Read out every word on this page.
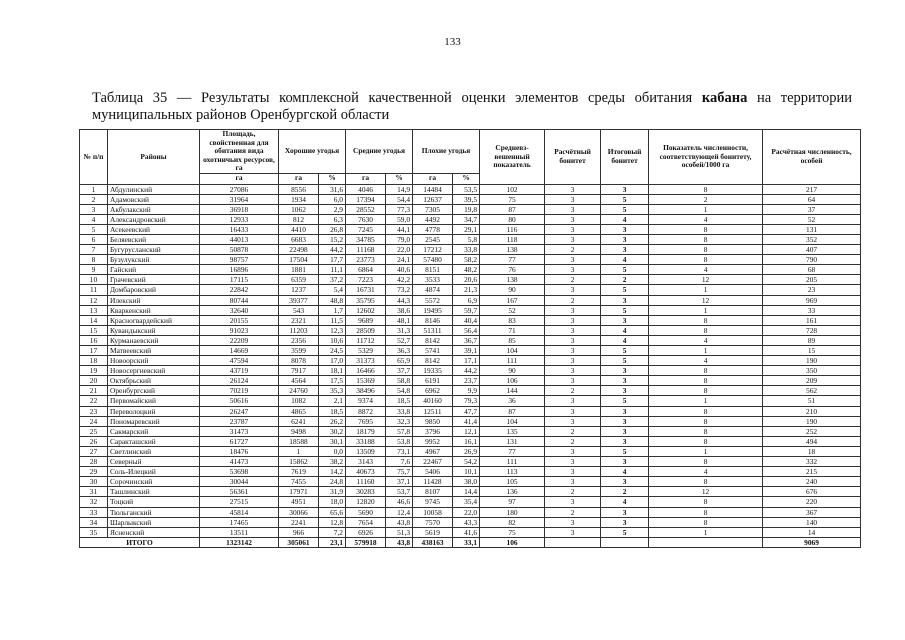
133
Таблица 35 — Результаты комплексной качественной оценки элементов среды обитания кабана на территории муниципальных районов Оренбургской области
№ п/п	Районы	Площадь, свойственная для обитания вида охотничьих ресурсов, га	Хорошие угодья		Средние угодья		Плохие угодья		Средневз-вешенный показатель	Расчётный бонитет	Итоговый бонитет	Показатель численности, соответствующей бонитету, особей/1000 га	Расчётная численность, особей
		га	га	%	га	%	га	%					
1	Абдулинский	27086	8556	31,6	4046	14,9	14484	53,5	102	3	3	8	217
2	Адамовский	31964	1934	6,0	17394	54,4	12637	39,5	75	3	5	2	64
3	Акбулакский	36918	1062	2,9	28552	77,3	7305	19,8	87	3	5	1	37
4	Александровский	12933	812	6,3	7630	59,0	4492	34,7	80	3	4	4	52
5	Асекеевский	16433	4410	26,8	7245	44,1	4778	29,1	116	3	3	8	131
6	Беляевский	44013	6683	15,2	34785	79,0	2545	5,8	118	3	3	8	352
7	Бугурусланский	50878	22498	44,2	11168	22,0	17212	33,8	138	2	3	8	407
8	Бузулукский	98757	17504	17,7	23773	24,1	57480	58,2	77	3	4	8	790
9	Гайский	16896	1881	11,1	6864	40,6	8151	48,2	76	3	5	4	68
10	Грачевский	17115	6359	37,2	7223	42,2	3533	20,6	138	2	2	12	205
11	Домбаровский	22842	1237	5,4	16731	73,2	4874	21,3	90	3	5	1	23
12	Илекский	80744	39377	48,8	35795	44,3	5572	6,9	167	2	3	12	969
13	Кваркенский	32640	543	1,7	12602	38,6	19495	59,7	52	3	5	1	33
14	Красногвардейский	20155	2321	11,5	9689	48,1	8146	40,4	83	3	3	8	161
15	Кувандыкский	91023	11203	12,3	28509	31,3	51311	56,4	71	3	4	8	728
16	Курманаевский	22209	2356	10,6	11712	52,7	8142	36,7	85	3	4	4	89
17	Матвеевский	14669	3599	24,5	5329	36,3	5741	39,1	104	3	5	1	15
18	Новоорский	47594	8078	17,0	31373	65,9	8142	17,1	111	3	5	4	190
19	Новосергиевский	43719	7917	18,1	16466	37,7	19335	44,2	90	3	3	8	350
20	Октябрьский	26124	4564	17,5	15369	58,8	6191	23,7	106	3	3	8	209
21	Оренбургский	70219	24760	35,3	38496	54,8	6962	9,9	144	2	3	8	562
22	Первомайский	50616	1082	2,1	9374	18,5	40160	79,3	36	3	5	1	51
23	Переволоцкий	26247	4865	18,5	8872	33,8	12511	47,7	87	3	3	8	210
24	Пономаревский	23787	6241	26,2	7695	32,3	9850	41,4	104	3	3	8	190
25	Сакмарский	31473	9498	30,2	18179	57,8	3796	12,1	135	2	3	8	252
26	Саракташский	61727	18588	30,1	33188	53,8	9952	16,1	131	2	3	8	494
27	Светлинский	18476	1	0,0	13509	73,1	4967	26,9	77	3	5	1	18
28	Северный	41473	15862	38,2	3143	7,6	22467	54,2	111	3	3	8	332
29	Соль-Илецкий	53698	7619	14,2	40673	75,7	5406	10,1	113	3	4	4	215
30	Сорочинский	30044	7455	24,8	11160	37,1	11428	38,0	105	3	3	8	240
31	Ташлинский	56361	17971	31,9	30283	53,7	8107	14,4	136	2	2	12	676
32	Тоцкий	27515	4951	18,0	12820	46,6	9745	35,4	97	3	4	8	220
33	Тюльганский	45814	30066	65,6	5690	12,4	10058	22,0	180	2	3	8	367
34	Шарлыкский	17465	2241	12,8	7654	43,8	7570	43,3	82	3	3	8	140
35	Ясненский	13511	966	7,2	6926	51,3	5619	41,6	75	3	5	1	14
ИТОГО		1323142	305061	23,1	579918	43,8	438163	33,1	106				9069
